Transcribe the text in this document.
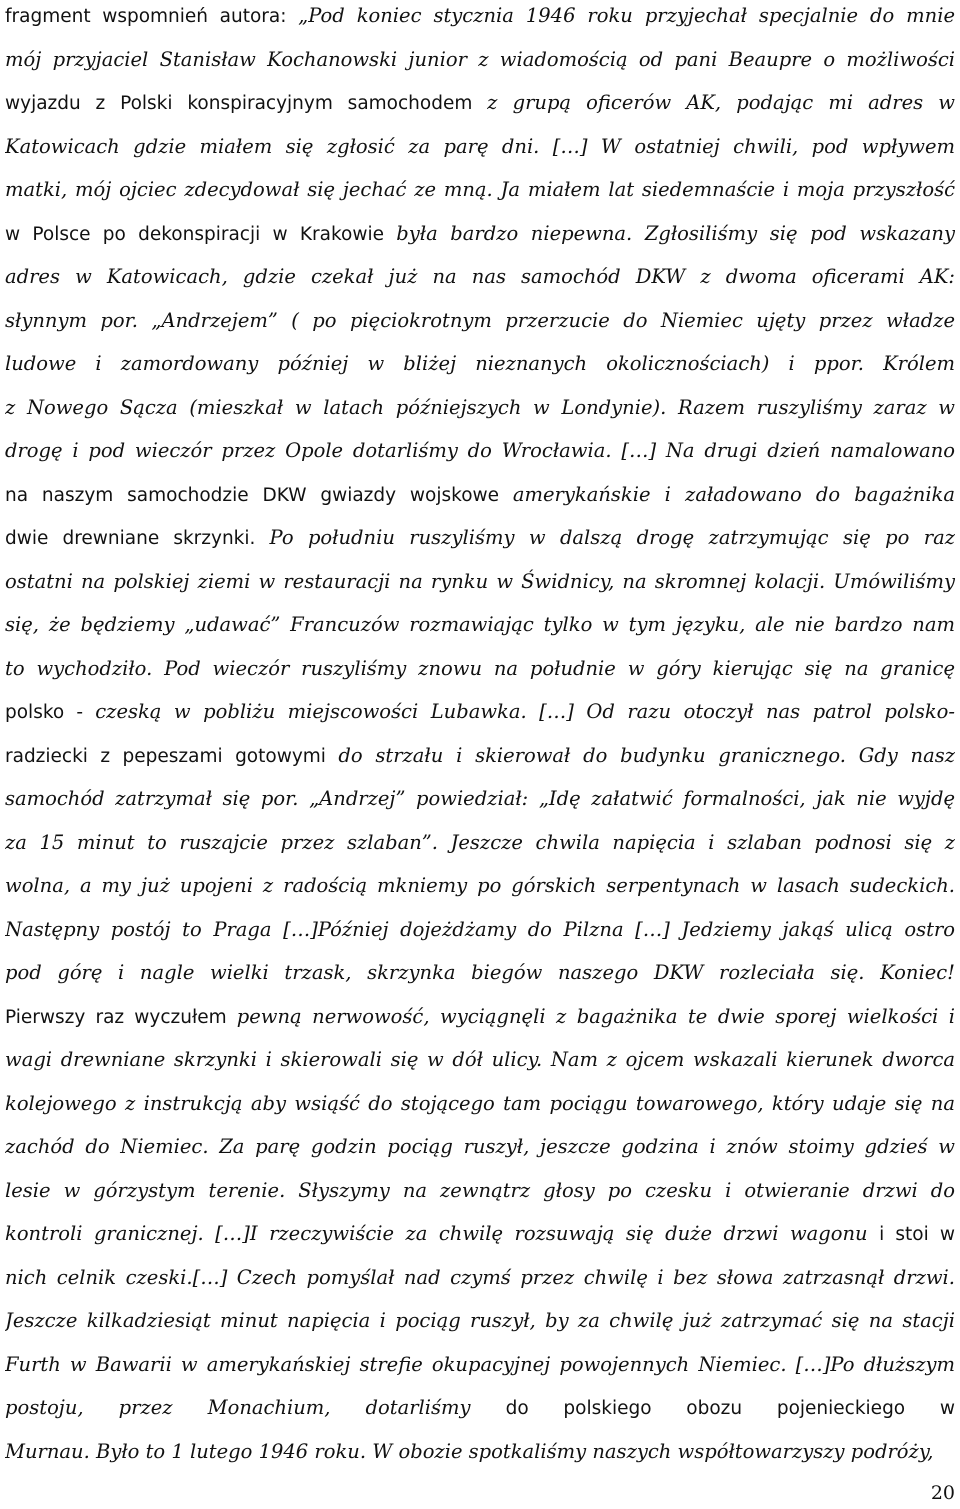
fragment wspomnień autora: „Pod koniec stycznia 1946 roku przyjechał specjalnie do mnie
mój przyjaciel Stanisław Kochanowski junior z wiadomością od pani Beaupre o możliwości
wyjazdu z Polski konspiracyjnym samochodem z grupą oficerów AK, podając mi adres w
Katowicach gdzie miałem się zgłosić za parę dni. […] W ostatniej chwili, pod wpływem
matki, mój ojciec zdecydował się jechać ze mną. Ja miałem lat siedemnaście i moja przyszłość
w Polsce po dekonspiracji w Krakowie była bardzo niepewna. Zgłosiliśmy się pod wskazany
adres w Katowicach, gdzie czekał już na nas samochód DKW z dwoma oficerami AK:
słynnym por. „Andrzejem” ( po pięciokrotnym przerzucie do Niemiec ujęty przez władze
ludowe i zamordowany później w bliżej nieznanych okolicznościach) i ppor. Królem
z Nowego Sącza (mieszkał w latach późniejszych w Londynie). Razem ruszyliśmy zaraz w
drogę i pod wieczór przez Opole dotarliśmy do Wrocławia. […] Na drugi dzień namalowano
na naszym samochodzie DKW gwiazdy wojskowe amerykańskie i załadowano do bagażnika
dwie drewniane skrzynki. Po południu ruszyliśmy w dalszą drogę zatrzymując się po raz
ostatni na polskiej ziemi w restauracji na rynku w Świdnicy, na skromnej kolacji. Umówiliśmy
się, że będziemy „udawać” Francuzów rozmawiając tylko w tym języku, ale nie bardzo nam
to wychodziło. Pod wieczór ruszyliśmy znowu na południe w góry kierując się na granicę
polsko - czeską w pobliżu miejscowości Lubawka. […] Od razu otoczył nas patrol polsko-
radziecki z pepeszami gotowymi do strzału i skierował do budynku granicznego. Gdy nasz
samochód zatrzymał się por. „Andrzej” powiedział: „Idę załatwić formalności, jak nie wyjdę
za 15 minut to ruszajcie przez szlaban”. Jeszcze chwila napięcia i szlaban podnosi się z
wolna, a my już upojeni z radością mkniemy po górskich serpentynach w lasach sudeckich.
Następny postój to Praga […]Później dojeżdżamy do Pilzna […] Jedziemy jakąś ulicą ostro
pod górę i nagle wielki trzask, skrzynka biegów naszego DKW rozleciała się. Koniec!
Pierwszy raz wyczułem pewną nerwowość, wyciągnęli z bagażnika te dwie sporej wielkości i
wagi drewniane skrzynki i skierowali się w dół ulicy. Nam z ojcem wskazali kierunek dworca
kolejowego z instrukcją aby wsiąść do stojącego tam pociągu towarowego, który udaje się na
zachód do Niemiec. Za parę godzin pociąg ruszył, jeszcze godzina i znów stoimy gdzieś w
lesie w górzystym terenie. Słyszymy na zewnątrz głosy po czesku i otwieranie drzwi do
kontroli granicznej. […]I rzeczywiście za chwilę rozsuwają się duże drzwi wagonu i stoi w
nich celnik czeski.[…] Czech pomyślał nad czymś przez chwilę i bez słowa zatrzasnął drzwi.
Jeszcze kilkadziesiąt minut napięcia i pociąg ruszył, by za chwilę już zatrzymać się na stacji
Furth w Bawarii w amerykańskiej strefie okupacyjnej powojennych Niemiec. […]Po dłuższym
postoju, przez Monachium, dotarliśmy do polskiego obozu pojenieckiego w
Murnau. Było to 1 lutego 1946 roku. W obozie spotkaliśmy naszych współtowarzyszy podróży,
20
